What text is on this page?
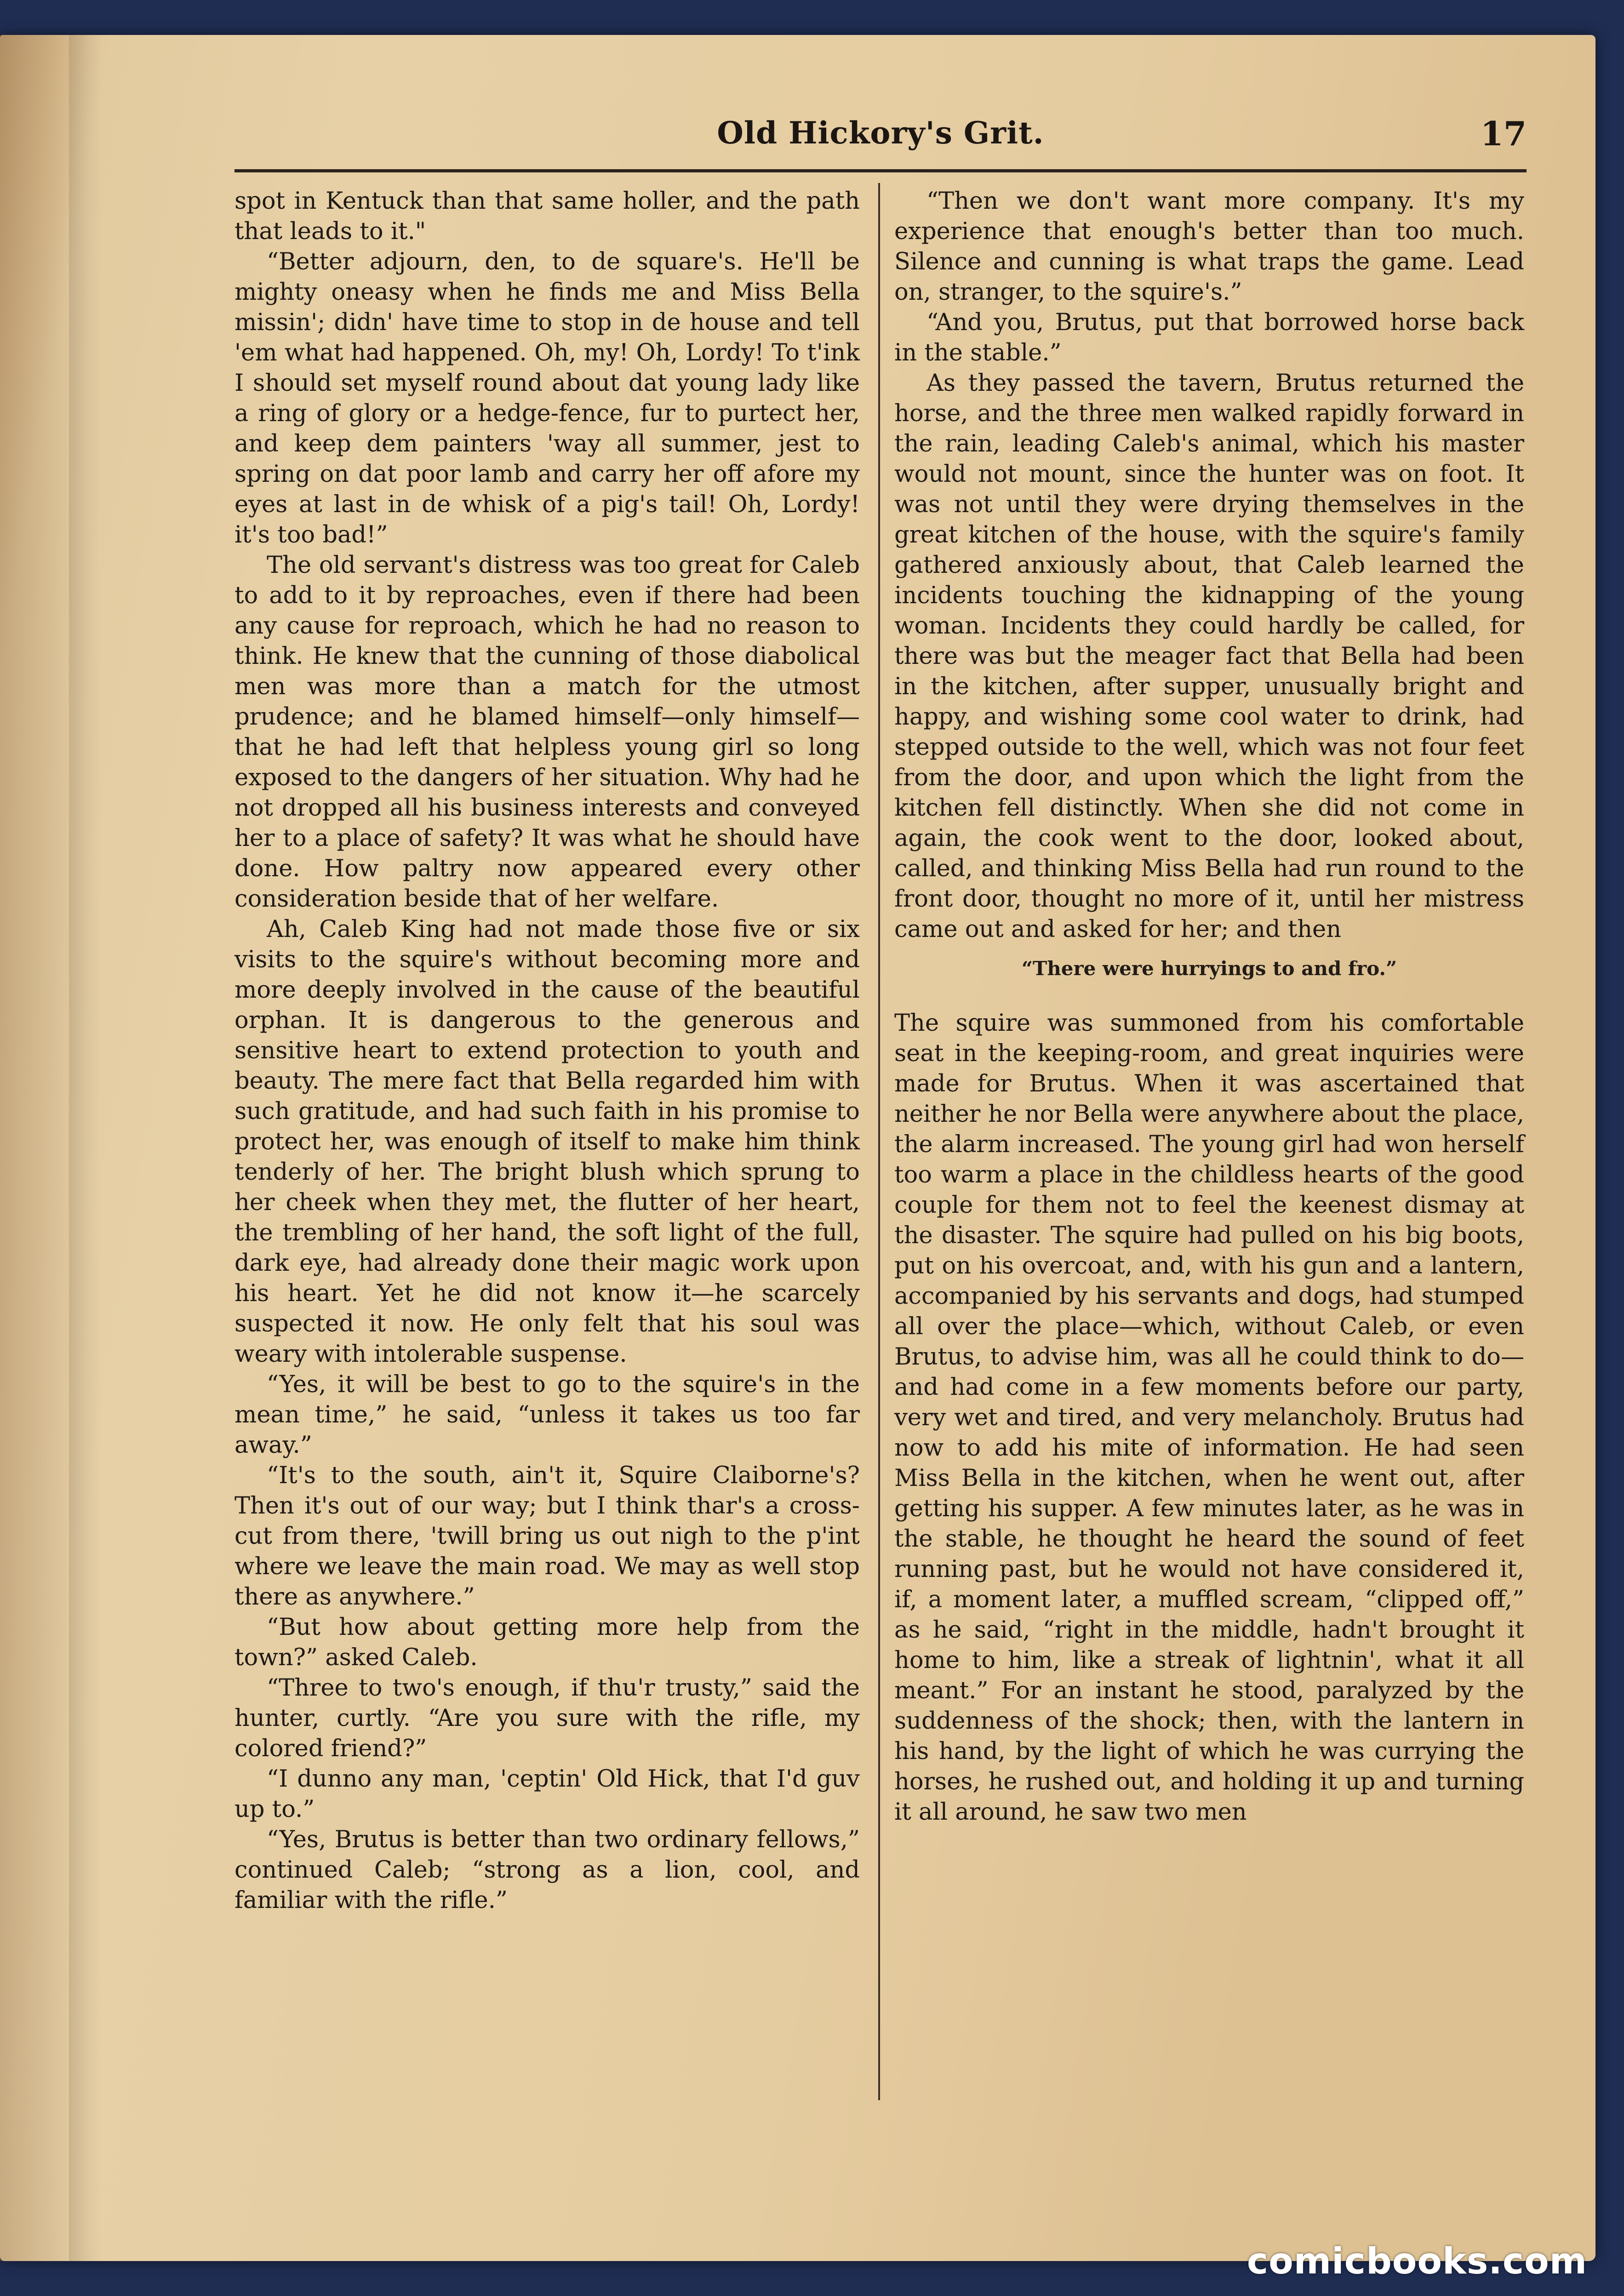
Old Hickory's Grit.	17

spot in Kentuck than that same holler, and the path that leads to it."

“Better adjourn, den, to de square's. He'll be mighty oneasy when he finds me and Miss Bella missin'; didn' have time to stop in de house and tell 'em what had happened. Oh, my! Oh, Lordy! To t'ink I should set myself round about dat young lady like a ring of glory or a hedge-fence, fur to purtect her, and keep dem painters 'way all summer, jest to spring on dat poor lamb and carry her off afore my eyes at last in de whisk of a pig's tail! Oh, Lordy! it's too bad!”

The old servant's distress was too great for Caleb to add to it by reproaches, even if there had been any cause for reproach, which he had no reason to think. He knew that the cunning of those diabolical men was more than a match for the utmost prudence; and he blamed himself—only himself—that he had left that helpless young girl so long exposed to the dangers of her situation. Why had he not dropped all his business interests and conveyed her to a place of safety? It was what he should have done. How paltry now appeared every other consideration beside that of her welfare.

Ah, Caleb King had not made those five or six visits to the squire's without becoming more and more deeply involved in the cause of the beautiful orphan. It is dangerous to the generous and sensitive heart to extend protection to youth and beauty. The mere fact that Bella regarded him with such gratitude, and had such faith in his promise to protect her, was enough of itself to make him think tenderly of her. The bright blush which sprung to her cheek when they met, the flutter of her heart, the trembling of her hand, the soft light of the full, dark eye, had already done their magic work upon his heart. Yet he did not know it—he scarcely suspected it now. He only felt that his soul was weary with intolerable suspense.

“Yes, it will be best to go to the squire's in the mean time,” he said, “unless it takes us too far away.”

“It's to the south, ain't it, Squire Claiborne's? Then it's out of our way; but I think thar's a cross-cut from there, 'twill bring us out nigh to the p'int where we leave the main road. We may as well stop there as anywhere.”

“But how about getting more help from the town?” asked Caleb.

“Three to two's enough, if thu'r trusty,” said the hunter, curtly. “Are you sure with the rifle, my colored friend?”

“I dunno any man, 'ceptin' Old Hick, that I'd guv up to.”

“Yes, Brutus is better than two ordinary fellows,” continued Caleb; “strong as a lion, cool, and familiar with the rifle.”

“Then we don't want more company. It's my experience that enough's better than too much. Silence and cunning is what traps the game. Lead on, stranger, to the squire's.”

“And you, Brutus, put that borrowed horse back in the stable.”

As they passed the tavern, Brutus returned the horse, and the three men walked rapidly forward in the rain, leading Caleb's animal, which his master would not mount, since the hunter was on foot. It was not until they were drying themselves in the great kitchen of the house, with the squire's family gathered anxiously about, that Caleb learned the incidents touching the kidnapping of the young woman. Incidents they could hardly be called, for there was but the meager fact that Bella had been in the kitchen, after supper, unusually bright and happy, and wishing some cool water to drink, had stepped outside to the well, which was not four feet from the door, and upon which the light from the kitchen fell distinctly. When she did not come in again, the cook went to the door, looked about, called, and thinking Miss Bella had run round to the front door, thought no more of it, until her mistress came out and asked for her; and then

“There were hurryings to and fro.”

The squire was summoned from his comfortable seat in the keeping-room, and great inquiries were made for Brutus. When it was ascertained that neither he nor Bella were anywhere about the place, the alarm increased. The young girl had won herself too warm a place in the childless hearts of the good couple for them not to feel the keenest dismay at the disaster. The squire had pulled on his big boots, put on his overcoat, and, with his gun and a lantern, accompanied by his servants and dogs, had stumped all over the place—which, without Caleb, or even Brutus, to advise him, was all he could think to do—and had come in a few moments before our party, very wet and tired, and very melancholy. Brutus had now to add his mite of information. He had seen Miss Bella in the kitchen, when he went out, after getting his supper. A few minutes later, as he was in the stable, he thought he heard the sound of feet running past, but he would not have considered it, if, a moment later, a muffled scream, “clipped off,” as he said, “right in the middle, hadn't brought it home to him, like a streak of lightnin', what it all meant.” For an instant he stood, paralyzed by the suddenness of the shock; then, with the lantern in his hand, by the light of which he was currying the horses, he rushed out, and holding it up and turning it all around, he saw two men

comicbooks.com
